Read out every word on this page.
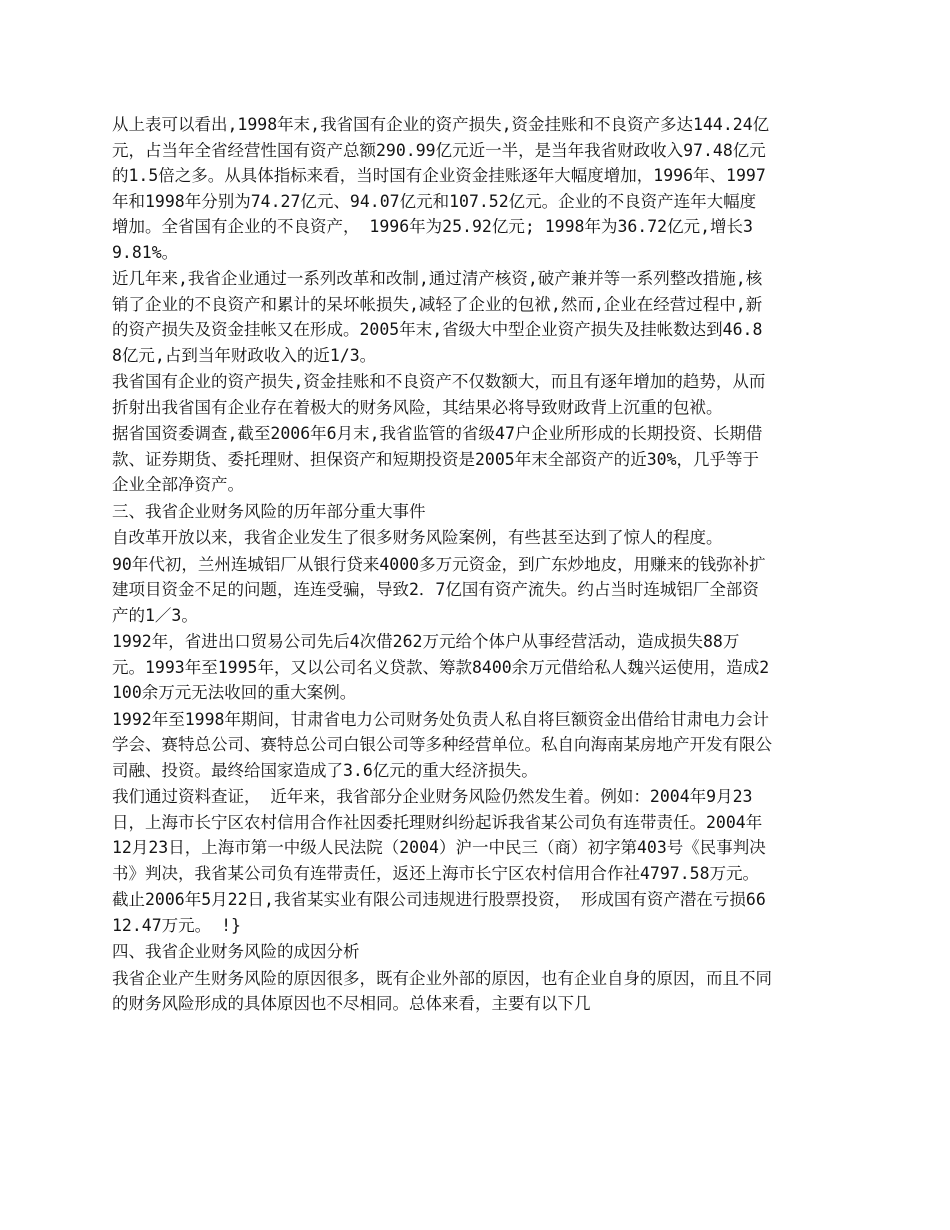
从上表可以看出,1998年末,我省国有企业的资产损失,资金挂账和不良资产多达144.24亿元，占当年全省经营性国有资产总额290.99亿元近一半，是当年我省财政收入97.48亿元的1.5倍之多。从具体指标来看，当时国有企业资金挂账逐年大幅度增加，1996年、1997年和1998年分别为74.27亿元、94.07亿元和107.52亿元。企业的不良资产连年大幅度增加。全省国有企业的不良资产， 1996年为25.92亿元; 1998年为36.72亿元,增长39.81%。

近几年来,我省企业通过一系列改革和改制,通过清产核资,破产兼并等一系列整改措施,核销了企业的不良资产和累计的呆坏帐损失,减轻了企业的包袱,然而,企业在经营过程中,新的资产损失及资金挂帐又在形成。2005年末,省级大中型企业资产损失及挂帐数达到46.88亿元,占到当年财政收入的近1/3。

我省国有企业的资产损失,资金挂账和不良资产不仅数额大，而且有逐年增加的趋势，从而折射出我省国有企业存在着极大的财务风险，其结果必将导致财政背上沉重的包袱。

据省国资委调查,截至2006年6月末,我省监管的省级47户企业所形成的长期投资、长期借款、证券期货、委托理财、担保资产和短期投资是2005年末全部资产的近30%，几乎等于企业全部净资产。

三、我省企业财务风险的历年部分重大事件

自改革开放以来，我省企业发生了很多财务风险案例，有些甚至达到了惊人的程度。

90年代初，兰州连城铝厂从银行贷来4000多万元资金，到广东炒地皮，用赚来的钱弥补扩建项目资金不足的问题，连连受骗，导致2．7亿国有资产流失。约占当时连城铝厂全部资产的1／3。

1992年，省进出口贸易公司先后4次借262万元给个体户从事经营活动，造成损失88万元。1993年至1995年，又以公司名义贷款、筹款8400余万元借给私人魏兴运使用，造成2100余万元无法收回的重大案例。

1992年至1998年期间，甘肃省电力公司财务处负责人私自将巨额资金出借给甘肃电力会计学会、赛特总公司、赛特总公司白银公司等多种经营单位。私自向海南某房地产开发有限公司融、投资。最终给国家造成了3.6亿元的重大经济损失。

我们通过资料查证， 近年来，我省部分企业财务风险仍然发生着。例如：2004年9月23日，上海市长宁区农村信用合作社因委托理财纠纷起诉我省某公司负有连带责任。2004年12月23日，上海市第一中级人民法院（2004）沪一中民三（商）初字第403号《民事判决书》判决，我省某公司负有连带责任，返还上海市长宁区农村信用合作社4797.58万元。

截止2006年5月22日,我省某实业有限公司违规进行股票投资， 形成国有资产潜在亏损6612.47万元。 !}

四、我省企业财务风险的成因分析

我省企业产生财务风险的原因很多，既有企业外部的原因，也有企业自身的原因，而且不同的财务风险形成的具体原因也不尽相同。总体来看，主要有以下几
